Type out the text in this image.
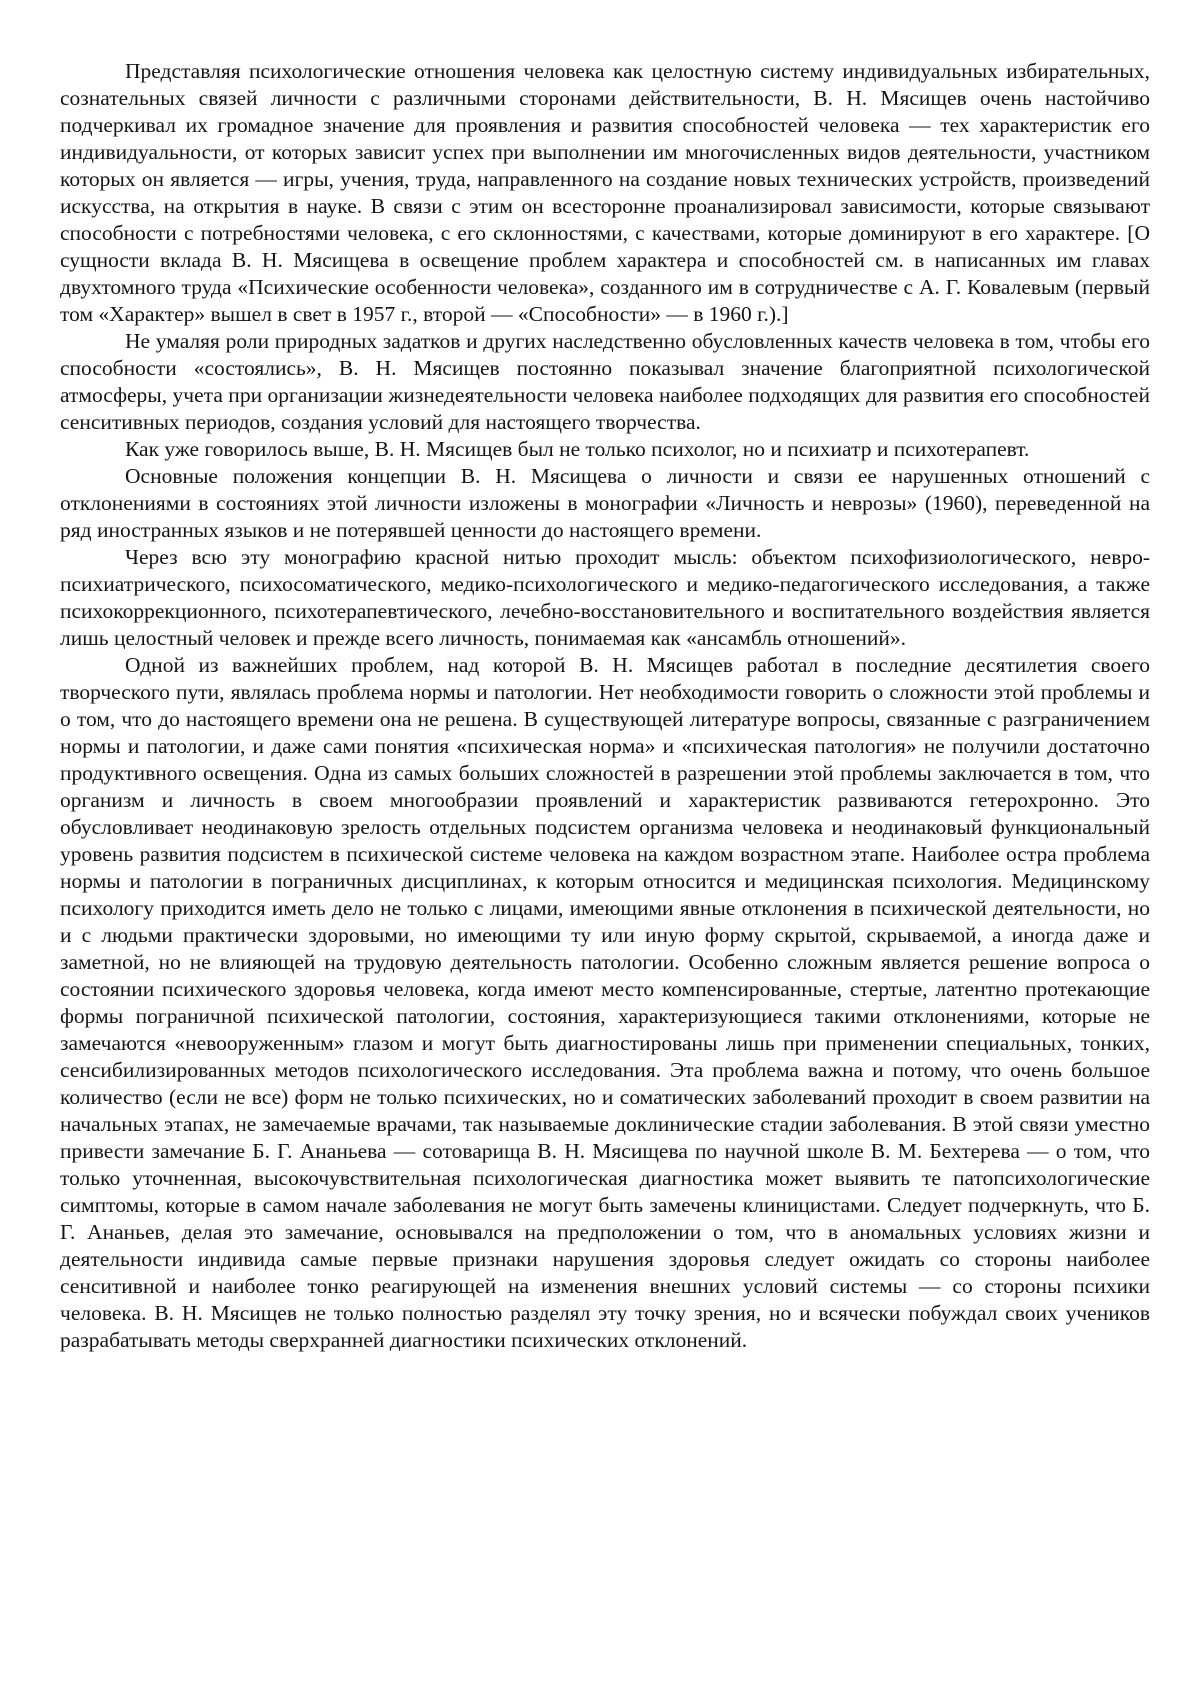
Представляя психологические отношения человека как целостную систему индивидуальных избирательных, сознательных связей личности с различными сторонами действительности, В. Н. Мясищев очень настойчиво подчеркивал их громадное значение для проявления и развития способностей человека — тех характеристик его индивидуальности, от которых зависит успех при выполнении им многочисленных видов деятельности, участником которых он является — игры, учения, труда, направленного на создание новых технических устройств, произведений искусства, на открытия в науке. В связи с этим он всесторонне проанализировал зависимости, которые связывают способности с потребностями человека, с его склонностями, с качествами, которые доминируют в его характере. [О сущности вклада В. Н. Мясищева в освещение проблем характера и способностей см. в написанных им главах двухтомного труда «Психические особенности человека», созданного им в сотрудничестве с А. Г. Ковалевым (первый том «Характер» вышел в свет в 1957 г., второй — «Способности» — в 1960 г.).]

Не умаляя роли природных задатков и других наследственно обусловленных качеств человека в том, чтобы его способности «состоялись», В. Н. Мясищев постоянно показывал значение благоприятной психологической атмосферы, учета при организации жизнедеятельности человека наиболее подходящих для развития его способностей сенситивных периодов, создания условий для настоящего творчества.

Как уже говорилось выше, В. Н. Мясищев был не только психолог, но и психиатр и психотерапевт.

Основные положения концепции В. Н. Мясищева о личности и связи ее нарушенных отношений с отклонениями в состояниях этой личности изложены в монографии «Личность и неврозы» (1960), переведенной на ряд иностранных языков и не потерявшей ценности до настоящего времени.

Через всю эту монографию красной нитью проходит мысль: объектом психофизиологического, невро-психиатрического, психосоматического, медико-психологического и медико-педагогического исследования, а также психокоррекционного, психотерапевтического, лечебно-восстановительного и воспитательного воздействия является лишь целостный человек и прежде всего личность, понимаемая как «ансамбль отношений».

Одной из важнейших проблем, над которой В. Н. Мясищев работал в последние десятилетия своего творческого пути, являлась проблема нормы и патологии. Нет необходимости говорить о сложности этой проблемы и о том, что до настоящего времени она не решена. В существующей литературе вопросы, связанные с разграничением нормы и патологии, и даже сами понятия «психическая норма» и «психическая патология» не получили достаточно продуктивного освещения. Одна из самых больших сложностей в разрешении этой проблемы заключается в том, что организм и личность в своем многообразии проявлений и характеристик развиваются гетерохронно. Это обусловливает неодинаковую зрелость отдельных подсистем организма человека и неодинаковый функциональный уровень развития подсистем в психической системе человека на каждом возрастном этапе. Наиболее остра проблема нормы и патологии в пограничных дисциплинах, к которым относится и медицинская психология. Медицинскому психологу приходится иметь дело не только с лицами, имеющими явные отклонения в психической деятельности, но и с людьми практически здоровыми, но имеющими ту или иную форму скрытой, скрываемой, а иногда даже и заметной, но не влияющей на трудовую деятельность патологии. Особенно сложным является решение вопроса о состоянии психического здоровья человека, когда имеют место компенсированные, стертые, латентно протекающие формы пограничной психической патологии, состояния, характеризующиеся такими отклонениями, которые не замечаются «невооруженным» глазом и могут быть диагностированы лишь при применении специальных, тонких, сенсибилизированных методов психологического исследования. Эта проблема важна и потому, что очень большое количество (если не все) форм не только психических, но и соматических заболеваний проходит в своем развитии на начальных этапах, не замечаемые врачами, так называемые доклинические стадии заболевания. В этой связи уместно привести замечание Б. Г. Ананьева — сотоварища В. Н. Мясищева по научной школе В. М. Бехтерева — о том, что только уточненная, высокочувствительная психологическая диагностика может выявить те патопсихологические симптомы, которые в самом начале заболевания не могут быть замечены клиницистами. Следует подчеркнуть, что Б. Г. Ананьев, делая это замечание, основывался на предположении о том, что в аномальных условиях жизни и деятельности индивида самые первые признаки нарушения здоровья следует ожидать со стороны наиболее сенситивной и наиболее тонко реагирующей на изменения внешних условий системы — со стороны психики человека. В. Н. Мясищев не только полностью разделял эту точку зрения, но и всячески побуждал своих учеников разрабатывать методы сверхранней диагностики психических отклонений.
